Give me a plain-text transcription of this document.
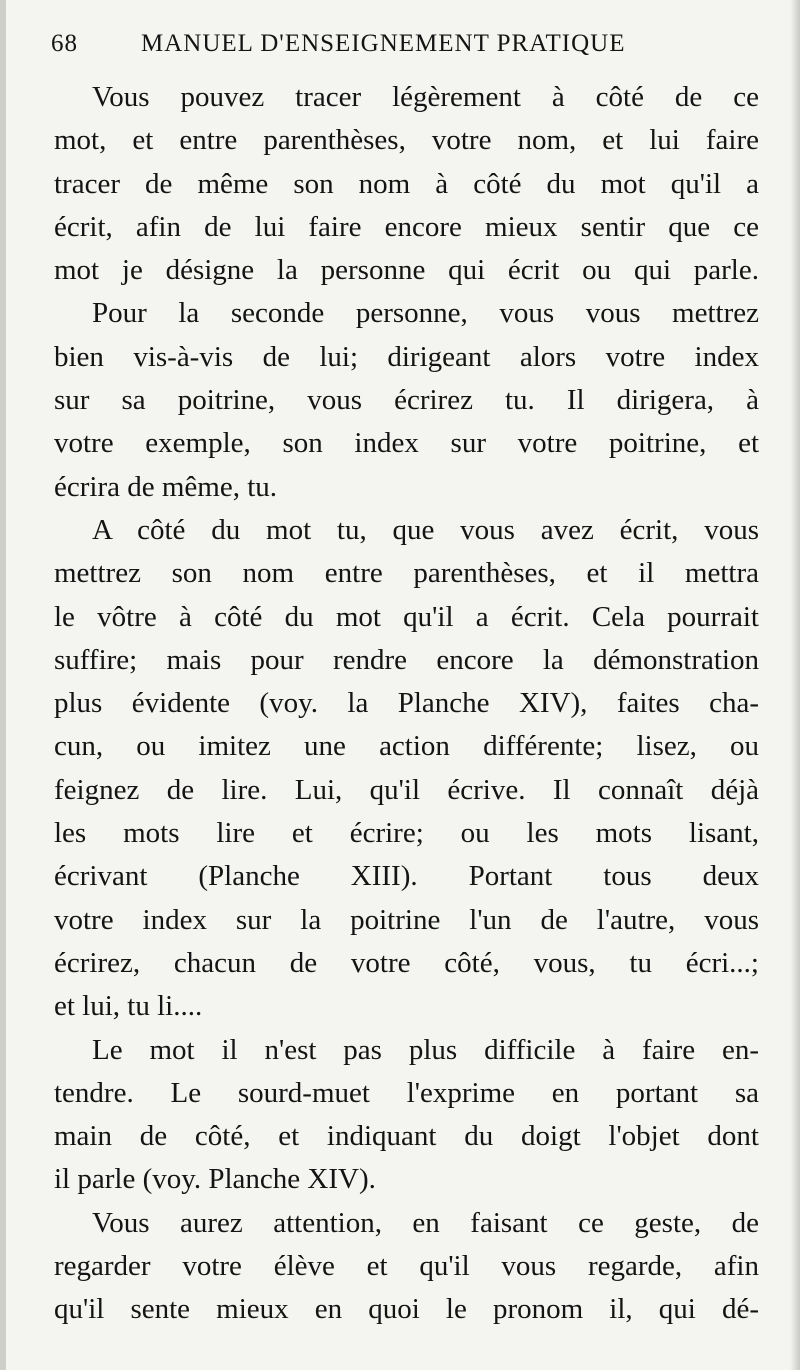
68	MANUEL D'ENSEIGNEMENT PRATIQUE
Vous pouvez tracer légèrement à côté de ce
mot, et entre parenthèses, votre nom, et lui faire
tracer de même son nom à côté du mot qu'il a
écrit, afin de lui faire encore mieux sentir que ce
mot je désigne la personne qui écrit ou qui parle.
Pour la seconde personne, vous vous mettrez
bien vis-à-vis de lui; dirigeant alors votre index
sur sa poitrine, vous écrirez tu. Il dirigera, à
votre exemple, son index sur votre poitrine, et
écrira de même, tu.
A côté du mot tu, que vous avez écrit, vous
mettrez son nom entre parenthèses, et il mettra
le vôtre à côté du mot qu'il a écrit. Cela pourrait
suffire; mais pour rendre encore la démonstration
plus évidente (voy. la Planche XIV), faites cha-
cun, ou imitez une action différente; lisez, ou
feignez de lire. Lui, qu'il écrive. Il connaît déjà
les mots lire et écrire; ou les mots lisant,
écrivant (Planche XIII). Portant tous deux
votre index sur la poitrine l'un de l'autre, vous
écrirez, chacun de votre côté, vous, tu écri...;
et lui, tu li....
Le mot il n'est pas plus difficile à faire en-
tendre. Le sourd-muet l'exprime en portant sa
main de côté, et indiquant du doigt l'objet dont
il parle (voy. Planche XIV).
Vous aurez attention, en faisant ce geste, de
regarder votre élève et qu'il vous regarde, afin
qu'il sente mieux en quoi le pronom il, qui dé-
